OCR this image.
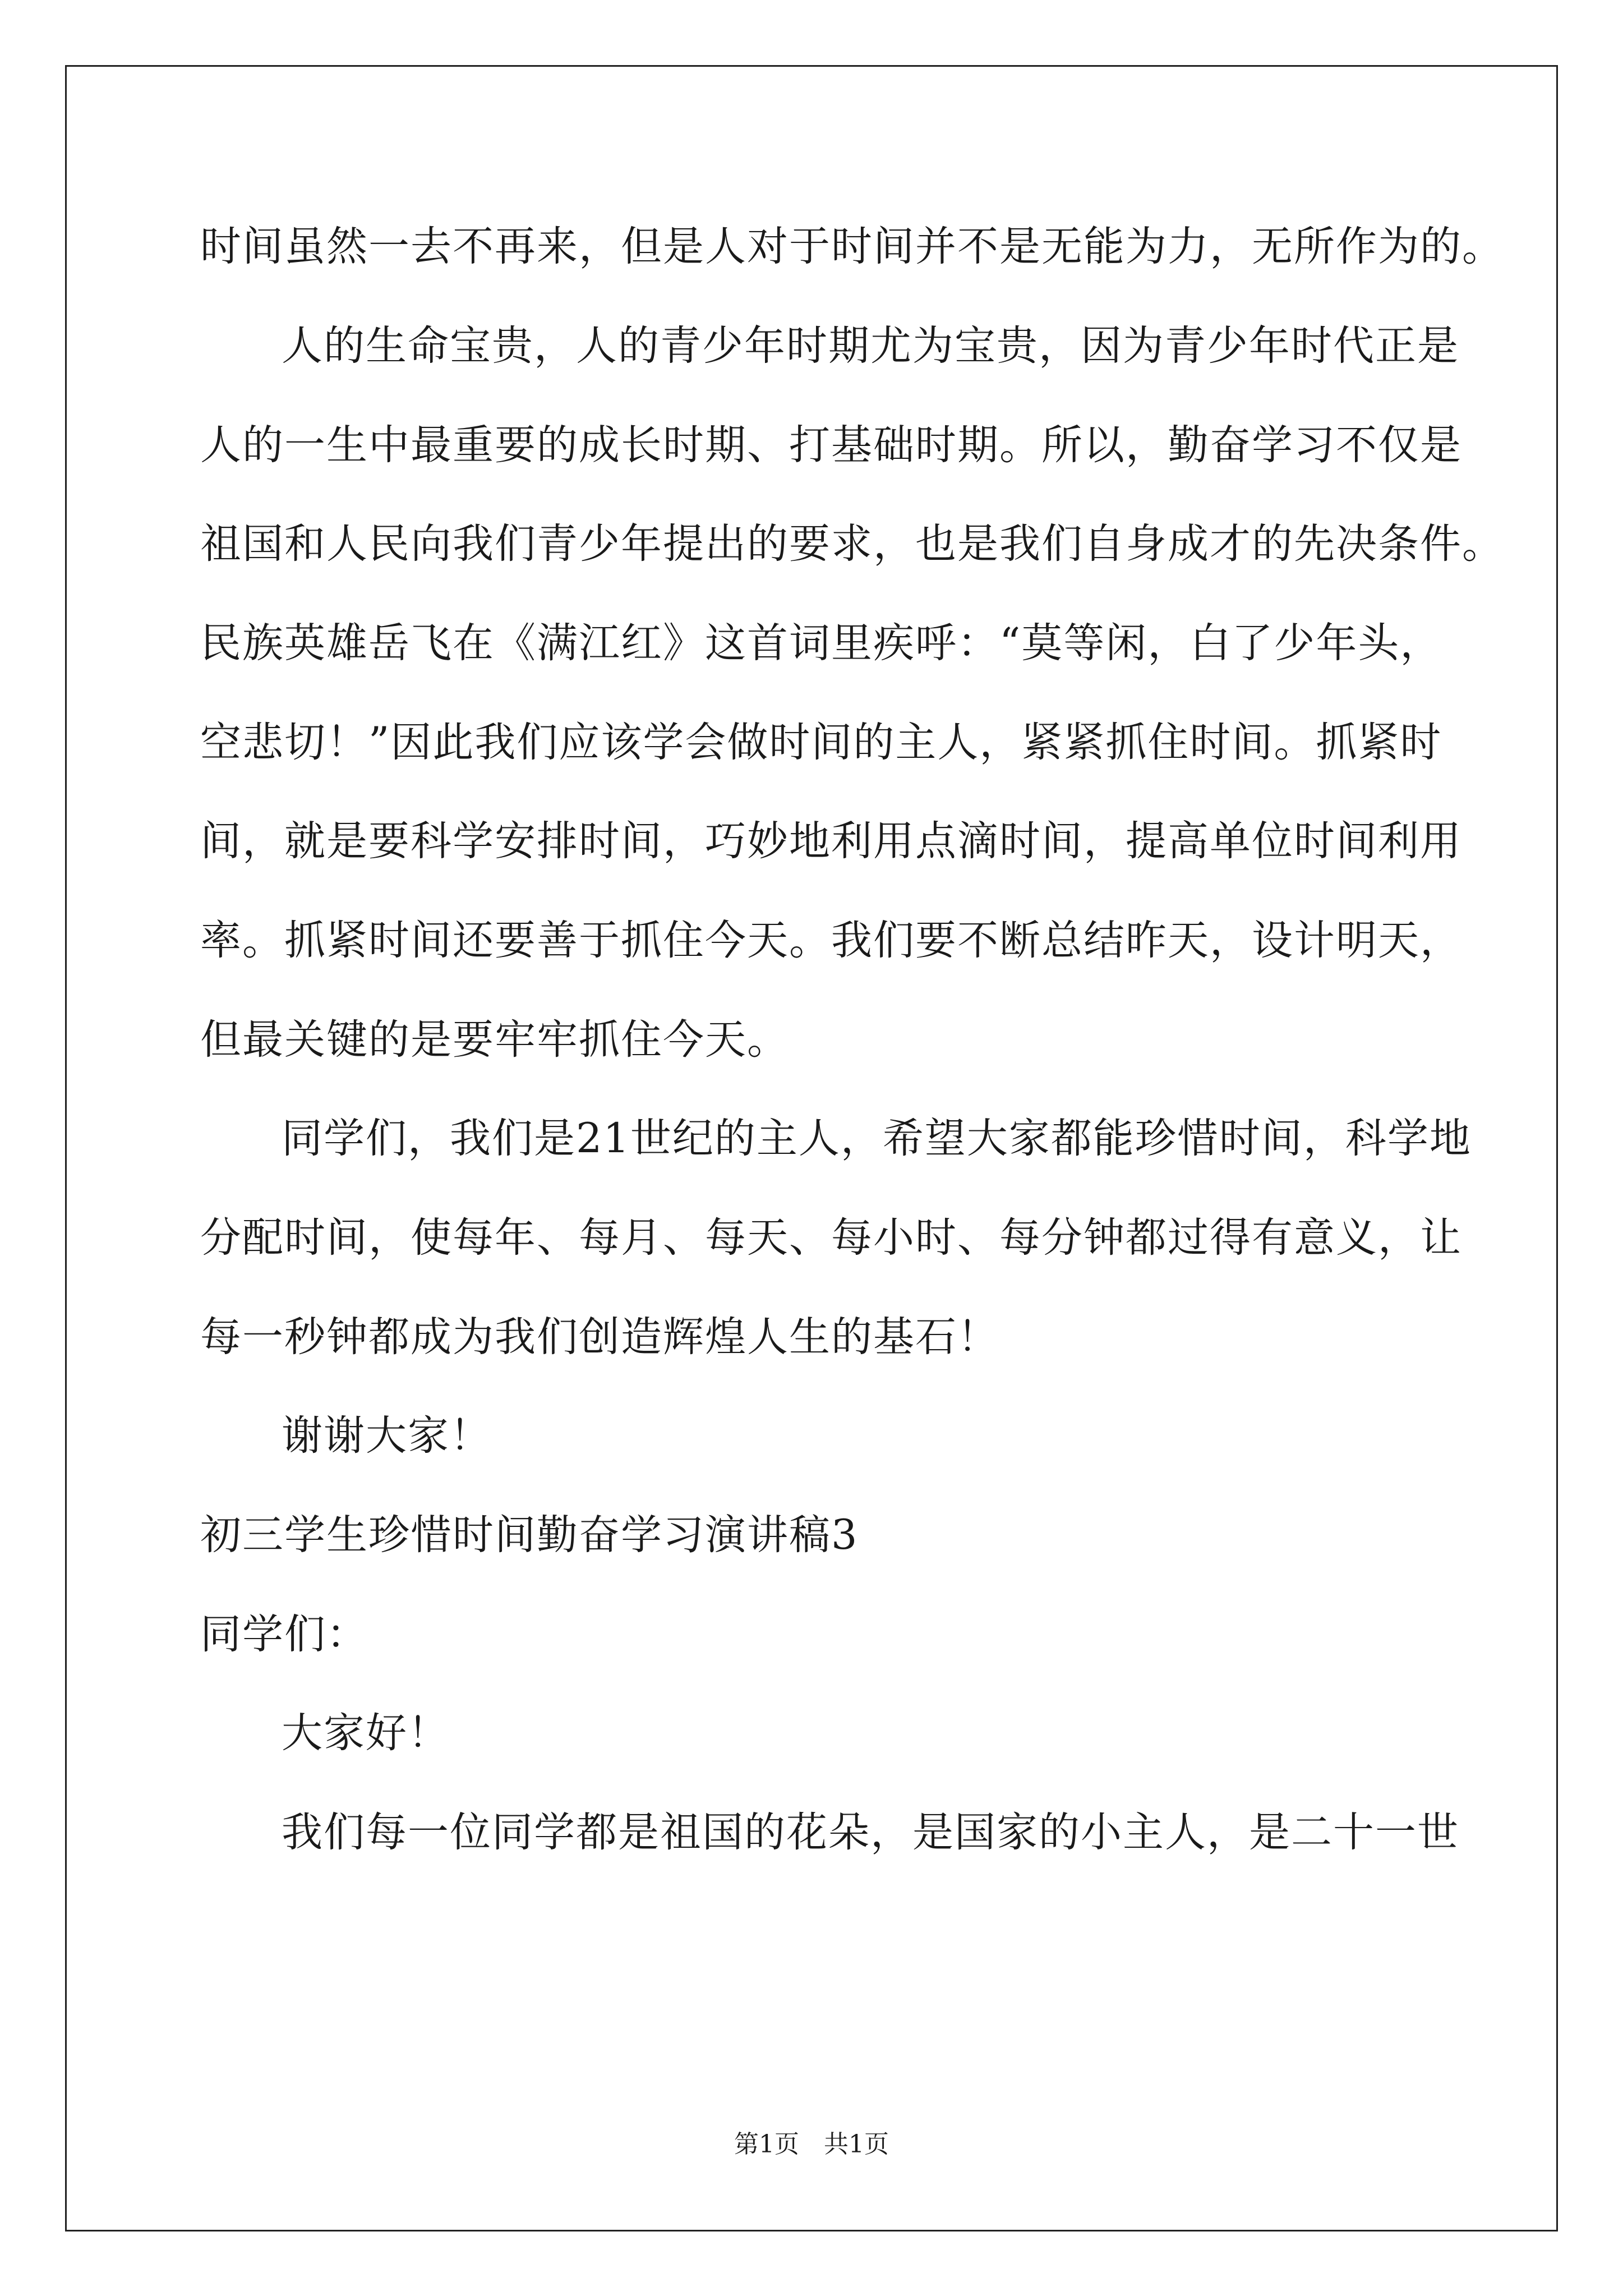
时间虽然一去不再来，但是人对于时间并不是无能为力，无所作为的。
人的生命宝贵，人的青少年时期尤为宝贵，因为青少年时代正是
人的一生中最重要的成长时期、打基础时期。所以，勤奋学习不仅是
祖国和人民向我们青少年提出的要求，也是我们自身成才的先决条件。
民族英雄岳飞在《满江红》这首词里疾呼：“莫等闲，白了少年头，
空悲切！”因此我们应该学会做时间的主人，紧紧抓住时间。抓紧时
间，就是要科学安排时间，巧妙地利用点滴时间，提高单位时间利用
率。抓紧时间还要善于抓住今天。我们要不断总结昨天，设计明天，
但最关键的是要牢牢抓住今天。
同学们，我们是21世纪的主人，希望大家都能珍惜时间，科学地
分配时间，使每年、每月、每天、每小时、每分钟都过得有意义，让
每一秒钟都成为我们创造辉煌人生的基石！
谢谢大家！
初三学生珍惜时间勤奋学习演讲稿3
同学们：
大家好！
我们每一位同学都是祖国的花朵，是国家的小主人，是二十一世
第1页　共1页
